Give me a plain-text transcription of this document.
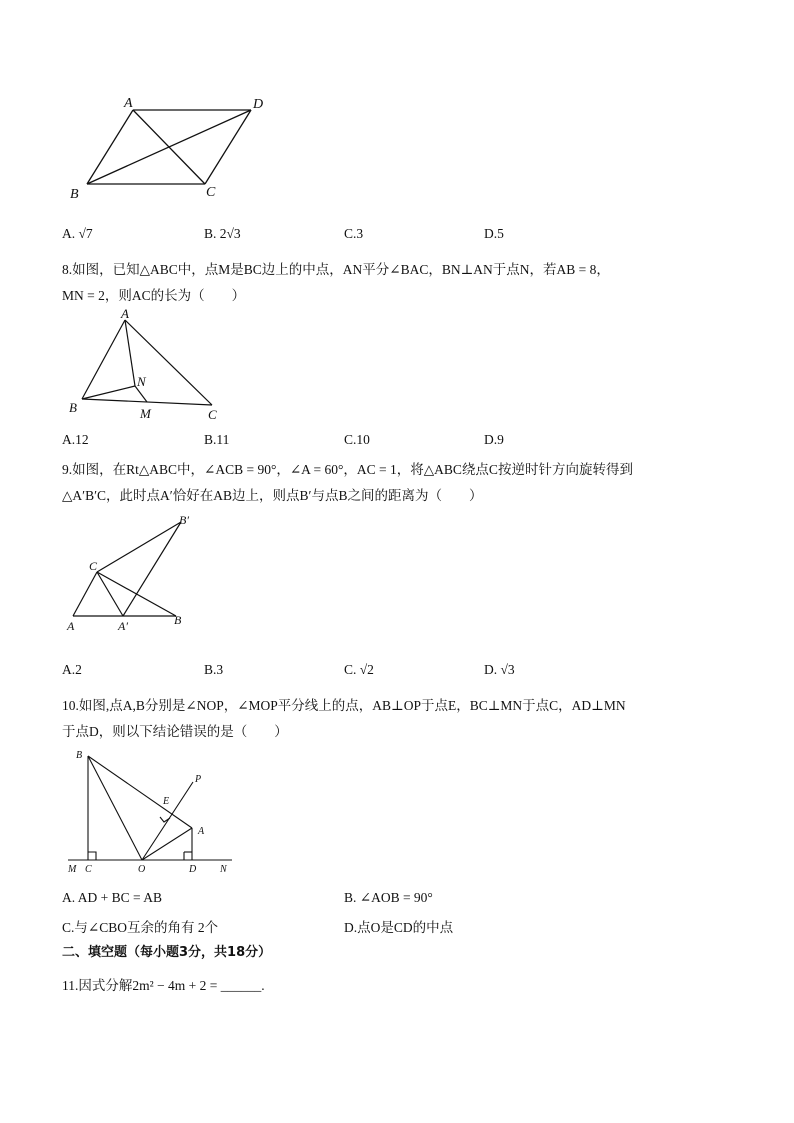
A	D
B	C
A. √7	B. 2√3	C.3	D.5
8.如图，已知△ABC中，点M是BC边上的中点，AN平分∠BAC，BN⊥AN于点N，若AB = 8，
MN = 2，则AC的长为（　　）
A
B	C
N
M
A.12	B.11	C.10	D.9
9.如图，在Rt△ABC中，∠ACB = 90°，∠A = 60°，AC = 1，将△ABC绕点C按逆时针方向旋转得到
△A′B′C，此时点A′恰好在AB边上，则点B′与点B之间的距离为（　　）
B′
C
A	A′	B
A.2	B.3	C. √2	D. √3
10.如图,点A,B分别是∠NOP，∠MOP平分线上的点，AB⊥OP于点E，BC⊥MN于点C，AD⊥MN
于点D，则以下结论错误的是（　　）
B
P
E
A
M C	O	D N
A. AD + BC = AB	B. ∠AOB = 90°
C.与∠CBO互余的角有 2个	D.点O是CD的中点
二、填空题（每小题3分，共18分）
11.因式分解2m² − 4m + 2 = ______.
